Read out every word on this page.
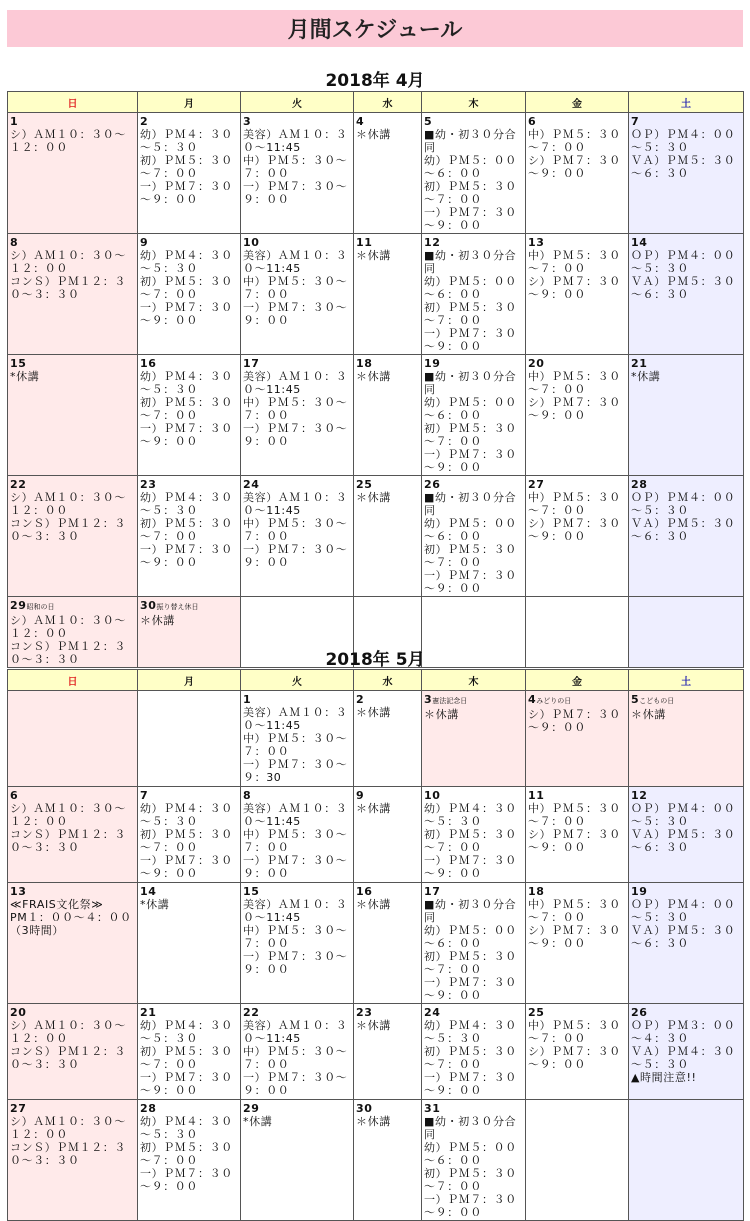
月間スケジュール
2018年 4月
日	月	火	水	木	金	土
1
シ）ＡＭ１０：３０～１２：００	2
幼）ＰＭ４：３０～５：３０
初）ＰＭ５：３０～７：００
一）ＰＭ７：３０～９：００	3
美容）ＡＭ１０：３０～11:45
中）ＰＭ５：３０～７：００
一）ＰＭ７：３０～９：００	4
＊休講	5
■幼・初３０分合同
幼）ＰＭ５：００～６：００
初）ＰＭ５：３０～７：００
一）ＰＭ７：３０～９：００	6
中）ＰＭ５：３０～７：００
シ）ＰＭ７：３０～９：００	7
ＯＰ）ＰＭ４：００～５：３０
ＶＡ）ＰＭ５：３０～６：３０

8
シ）ＡＭ１０：３０～１２：００
コンＳ）ＰＭ１２：３０～３：３０	9
幼）ＰＭ４：３０～５：３０
初）ＰＭ５：３０～７：００
一）ＰＭ７：３０～９：００	10
美容）ＡＭ１０：３０～11:45
中）ＰＭ５：３０～７：００
一）ＰＭ７：３０～９：００	11
＊休講	12
■幼・初３０分合同
幼）ＰＭ５：００～６：００
初）ＰＭ５：３０～７：００
一）ＰＭ７：３０～９：００	13
中）ＰＭ５：３０～７：００
シ）ＰＭ７：３０～９：００	14
ＯＰ）ＰＭ４：００～５：３０
ＶＡ）ＰＭ５：３０～６：３０

15
*休講	16
幼）ＰＭ４：３０～５：３０
初）ＰＭ５：３０～７：００
一）ＰＭ７：３０～９：００	17
美容）ＡＭ１０：３０～11:45
中）ＰＭ５：３０～７：００
一）ＰＭ７：３０～９：００	18
＊休講	19
■幼・初３０分合同
幼）ＰＭ５：００～６：００
初）ＰＭ５：３０～７：００
一）ＰＭ７：３０～９：００	20
中）ＰＭ５：３０～７：００
シ）ＰＭ７：３０～９：００	21
*休講

22
シ）ＡＭ１０：３０～１２：００
コンＳ）ＰＭ１２：３０～３：３０	23
幼）ＰＭ４：３０～５：３０
初）ＰＭ５：３０～７：００
一）ＰＭ７：３０～９：００	24
美容）ＡＭ１０：３０～11:45
中）ＰＭ５：３０～７：００
一）ＰＭ７：３０～９：００	25
＊休講	26
■幼・初３０分合同
幼）ＰＭ５：００～６：００
初）ＰＭ５：３０～７：００
一）ＰＭ７：３０～９：００	27
中）ＰＭ５：３０～７：００
シ）ＰＭ７：３０～９：００	28
ＯＰ）ＰＭ４：００～５：３０
ＶＡ）ＰＭ５：３０～６：３０

29昭和の日
シ）ＡＭ１０：３０～１２：００
コンＳ）ＰＭ１２：３０～３：３０	30振り替え休日
＊休講					

2018年 5月
日	月	火	水	木	金	土
		1
美容）ＡＭ１０：３０～11:45
中）ＰＭ５：３０～７：００
一）ＰＭ７：３０～９：30	2
＊休講	3憲法記念日
＊休講	4みどりの日
シ）ＰＭ７：３０～９：００	5こどもの日
＊休講

6
シ）ＡＭ１０：３０～１２：００
コンＳ）ＰＭ１２：３０～３：３０	7
幼）ＰＭ４：３０～５：３０
初）ＰＭ５：３０～７：００
一）ＰＭ７：３０～９：００	8
美容）ＡＭ１０：３０～11:45
中）ＰＭ５：３０～７：００
一）ＰＭ７：３０～９：００	9
＊休講	10
幼）ＰＭ４：３０～５：３０
初）ＰＭ５：３０～７：００
一）ＰＭ７：３０～９：００	11
中）ＰＭ５：３０～７：００
シ）ＰＭ７：３０～９：００	12
ＯＰ）ＰＭ４：００～５：３０
ＶＡ）ＰＭ５：３０～６：３０

13
≪FRAIS文化祭≫
PM１：００～４：００
（3時間）	14
*休講	15
美容）ＡＭ１０：３０～11:45
中）ＰＭ５：３０～７：００
一）ＰＭ７：３０～９：００	16
＊休講	17
■幼・初３０分合同
幼）ＰＭ５：００～６：００
初）ＰＭ５：３０～７：００
一）ＰＭ７：３０～９：００	18
中）ＰＭ５：３０～７：００
シ）ＰＭ７：３０～９：００	19
ＯＰ）ＰＭ４：００～５：３０
ＶＡ）ＰＭ５：３０～６：３０

20
シ）ＡＭ１０：３０～１２：００
コンＳ）ＰＭ１２：３０～３：３０	21
幼）ＰＭ４：３０～５：３０
初）ＰＭ５：３０～７：００
一）ＰＭ７：３０～９：００	22
美容）ＡＭ１０：３０～11:45
中）ＰＭ５：３０～７：００
一）ＰＭ７：３０～９：００	23
＊休講	24
幼）ＰＭ４：３０～５：３０
初）ＰＭ５：３０～７：００
一）ＰＭ７：３０～９：００	25
中）ＰＭ５：３０～７：００
シ）ＰＭ７：３０～９：００	26
ＯＰ）ＰＭ３：００～４：３０
ＶＡ）ＰＭ４：３０～５：３０
▲時間注意!!

27
シ）ＡＭ１０：３０～１２：００
コンＳ）ＰＭ１２：３０～３：３０	28
幼）ＰＭ４：３０～５：３０
初）ＰＭ５：３０～７：００
一）ＰＭ７：３０～９：００	29
*休講	30
＊休講	31
■幼・初３０分合同
幼）ＰＭ５：００～６：００
初）ＰＭ５：３０～７：００
一）ＰＭ７：３０～９：００		
